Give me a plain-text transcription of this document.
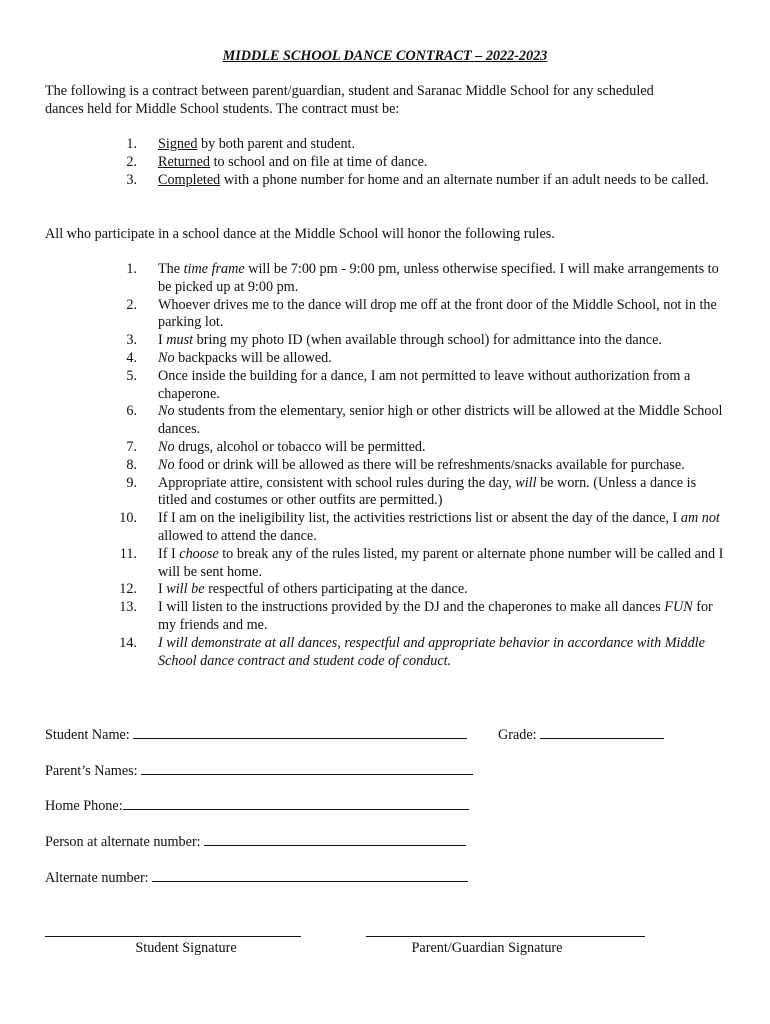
MIDDLE SCHOOL DANCE CONTRACT – 2022-2023
The following is a contract between parent/guardian, student and Saranac Middle School for any scheduled
dances held for Middle School students. The contract must be:
1. Signed by both parent and student.
2. Returned to school and on file at time of dance.
3. Completed with a phone number for home and an alternate number if an adult needs to be called.
All who participate in a school dance at the Middle School will honor the following rules.
1. The time frame will be 7:00 pm - 9:00 pm, unless otherwise specified. I will make arrangements to be picked up at 9:00 pm.
2. Whoever drives me to the dance will drop me off at the front door of the Middle School, not in the parking lot.
3. I must bring my photo ID (when available through school) for admittance into the dance.
4. No backpacks will be allowed.
5. Once inside the building for a dance, I am not permitted to leave without authorization from a chaperone.
6. No students from the elementary, senior high or other districts will be allowed at the Middle School dances.
7. No drugs, alcohol or tobacco will be permitted.
8. No food or drink will be allowed as there will be refreshments/snacks available for purchase.
9. Appropriate attire, consistent with school rules during the day, will be worn. (Unless a dance is titled and costumes or other outfits are permitted.)
10. If I am on the ineligibility list, the activities restrictions list or absent the day of the dance, I am not allowed to attend the dance.
11. If I choose to break any of the rules listed, my parent or alternate phone number will be called and I will be sent home.
12. I will be respectful of others participating at the dance.
13. I will listen to the instructions provided by the DJ and the chaperones to make all dances FUN for my friends and me.
14. I will demonstrate at all dances, respectful and appropriate behavior in accordance with Middle School dance contract and student code of conduct.
Student Name:	Grade:
Parent’s Names:
Home Phone:
Person at alternate number:
Alternate number:
Student Signature	Parent/Guardian Signature
